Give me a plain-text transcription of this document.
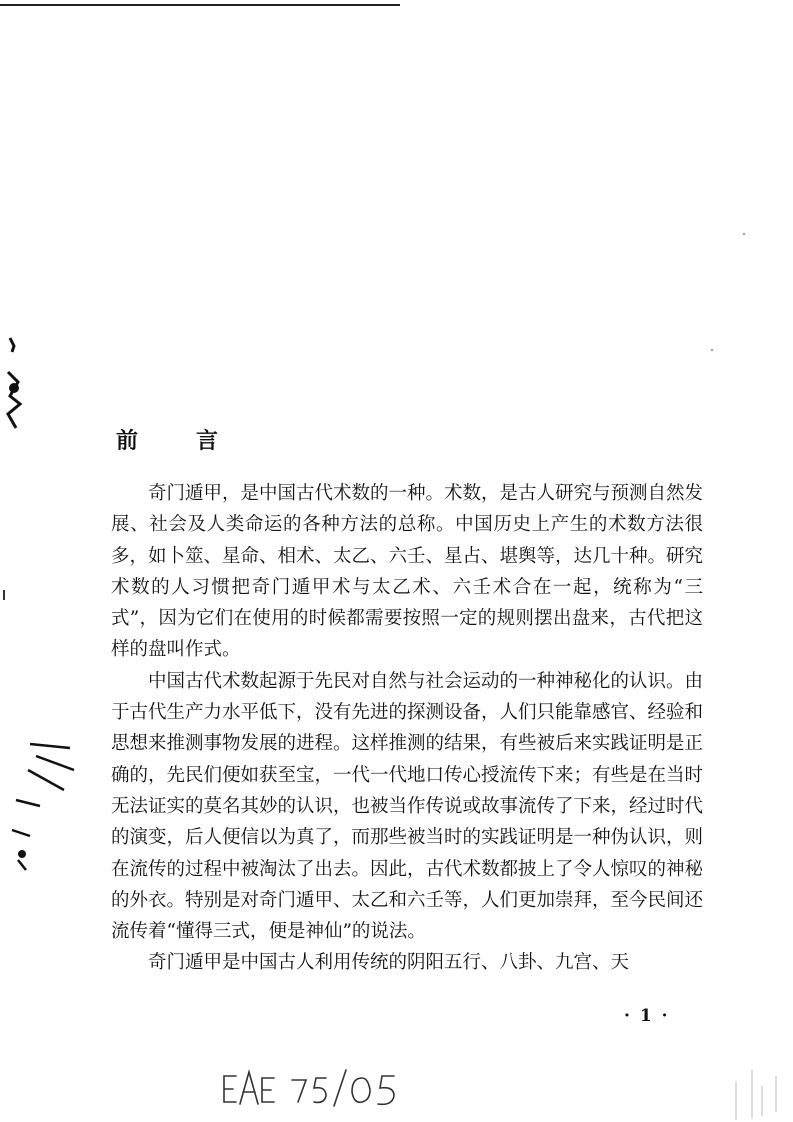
前	言

奇门遁甲，是中国古代术数的一种。术数，是古人研究与预测自然发展、社会及人类命运的各种方法的总称。中国历史上产生的术数方法很多，如卜筮、星命、相术、太乙、六壬、星占、堪舆等，达几十种。研究术数的人习惯把奇门遁甲术与太乙术、六壬术合在一起，统称为“三式”，因为它们在使用的时候都需要按照一定的规则摆出盘来，古代把这样的盘叫作式。

中国古代术数起源于先民对自然与社会运动的一种神秘化的认识。由于古代生产力水平低下，没有先进的探测设备，人们只能靠感官、经验和思想来推测事物发展的进程。这样推测的结果，有些被后来实践证明是正确的，先民们便如获至宝，一代一代地口传心授流传下来；有些是在当时无法证实的莫名其妙的认识，也被当作传说或故事流传了下来，经过时代的演变，后人便信以为真了，而那些被当时的实践证明是一种伪认识，则在流传的过程中被淘汰了出去。因此，古代术数都披上了令人惊叹的神秘的外衣。特别是对奇门遁甲、太乙和六壬等，人们更加崇拜，至今民间还流传着“懂得三式，便是神仙”的说法。

奇门遁甲是中国古人利用传统的阴阳五行、八卦、九宫、天

· 1 ·
